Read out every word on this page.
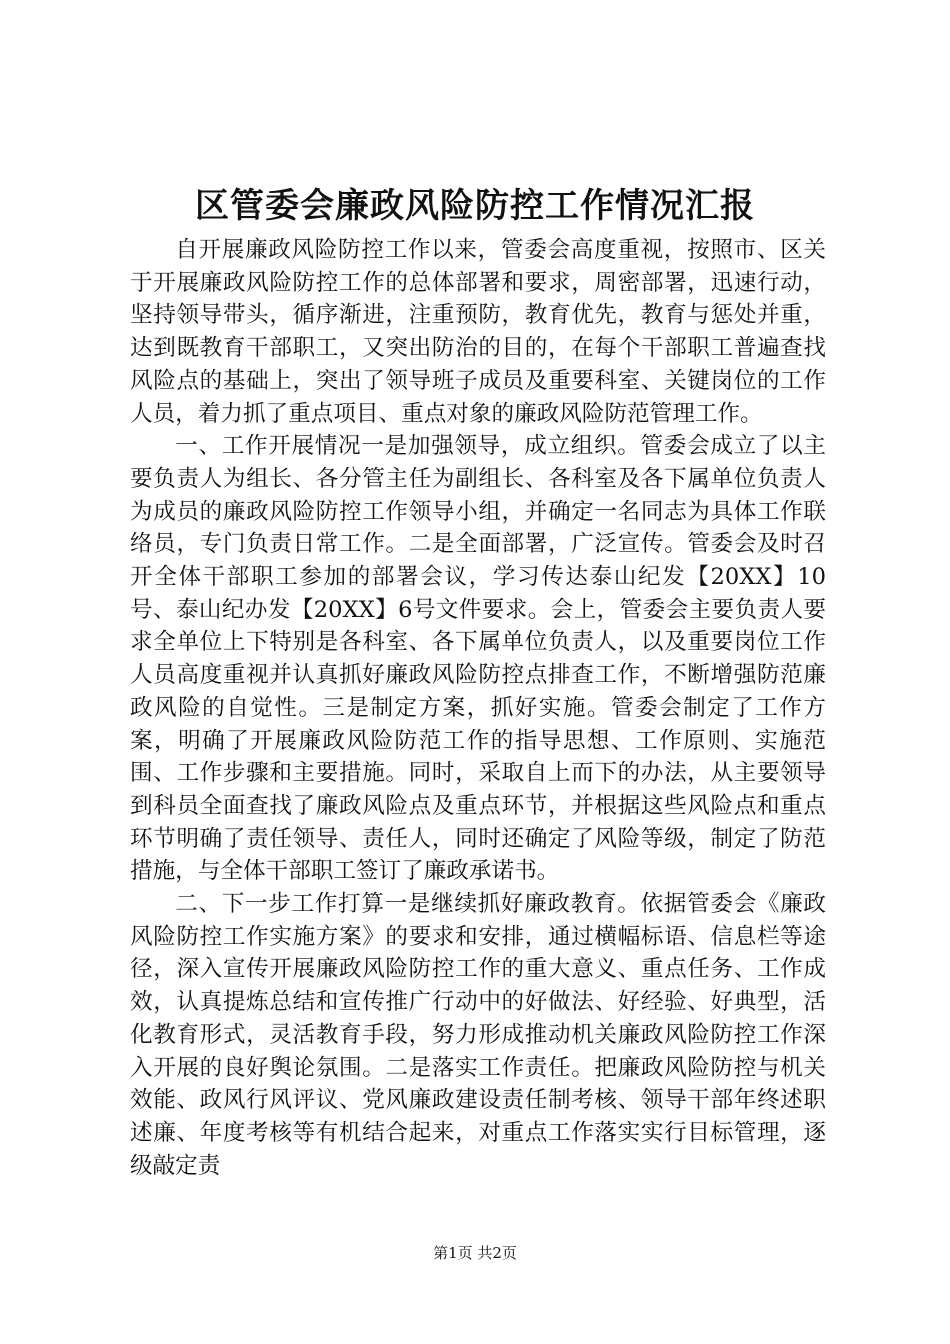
区管委会廉政风险防控工作情况汇报

自开展廉政风险防控工作以来，管委会高度重视，按照市、区关于开展廉政风险防控工作的总体部署和要求，周密部署，迅速行动，坚持领导带头，循序渐进，注重预防，教育优先，教育与惩处并重，达到既教育干部职工，又突出防治的目的，在每个干部职工普遍查找风险点的基础上，突出了领导班子成员及重要科室、关键岗位的工作人员，着力抓了重点项目、重点对象的廉政风险防范管理工作。

一、工作开展情况一是加强领导，成立组织。管委会成立了以主要负责人为组长、各分管主任为副组长、各科室及各下属单位负责人为成员的廉政风险防控工作领导小组，并确定一名同志为具体工作联络员，专门负责日常工作。二是全面部署，广泛宣传。管委会及时召开全体干部职工参加的部署会议，学习传达泰山纪发【20XX】10号、泰山纪办发【20XX】6号文件要求。会上，管委会主要负责人要求全单位上下特别是各科室、各下属单位负责人，以及重要岗位工作人员高度重视并认真抓好廉政风险防控点排查工作，不断增强防范廉政风险的自觉性。三是制定方案，抓好实施。管委会制定了工作方案，明确了开展廉政风险防范工作的指导思想、工作原则、实施范围、工作步骤和主要措施。同时，采取自上而下的办法，从主要领导到科员全面查找了廉政风险点及重点环节，并根据这些风险点和重点环节明确了责任领导、责任人，同时还确定了风险等级，制定了防范措施，与全体干部职工签订了廉政承诺书。

二、下一步工作打算一是继续抓好廉政教育。依据管委会《廉政风险防控工作实施方案》的要求和安排，通过横幅标语、信息栏等途径，深入宣传开展廉政风险防控工作的重大意义、重点任务、工作成效，认真提炼总结和宣传推广行动中的好做法、好经验、好典型，活化教育形式，灵活教育手段，努力形成推动机关廉政风险防控工作深入开展的良好舆论氛围。二是落实工作责任。把廉政风险防控与机关效能、政风行风评议、党风廉政建设责任制考核、领导干部年终述职述廉、年度考核等有机结合起来，对重点工作落实实行目标管理，逐级敲定责

第1页 共2页
